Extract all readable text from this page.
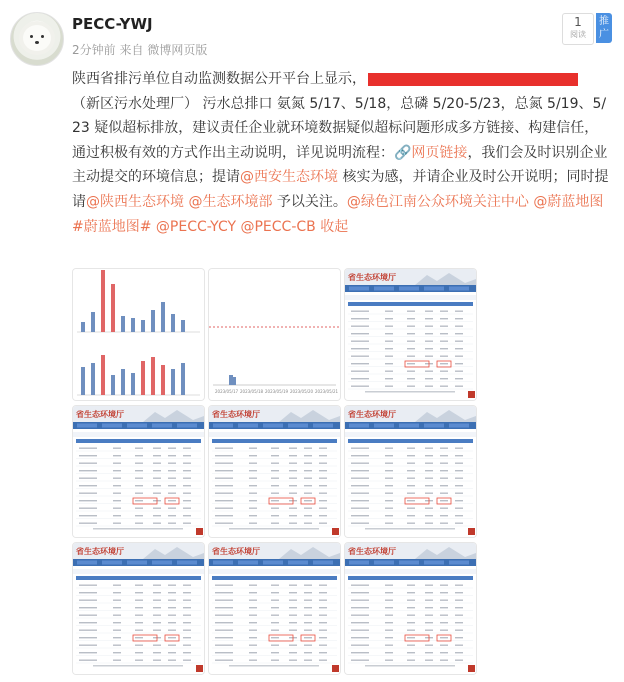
PECC-YWJ
2分钟前 来自 微博网页版
1
阅读
推广
陕西省排污单位自动监测数据公开平台上显示，
（新区污水处理厂） 污水总排口 氨氮 5/17、5/18，总磷 5/20-5/23，总氮 5/19、5/23 疑似超标排放，建议责任企业就环境数据疑似超标问题形成多方链接、构建信任，通过积极有效的方式作出主动说明，详见说明流程：🔗网页链接，我们会及时识别企业主动提交的环境信息；提请@西安生态环境 核实为感，并请企业及时公开说明；同时提请@陕西生态环境 @生态环境部 予以关注。@绿色江南公众环境关注中心 @蔚蓝地图 #蔚蓝地图# @PECC-YCY @PECC-CB 收起
2023/05/17 2023/05/18 2023/05/19 2023/05/20 2023/05/21
省生态环境厅
省生态环境厅	省生态环境厅	省生态环境厅
省生态环境厅	省生态环境厅	省生态环境厅
